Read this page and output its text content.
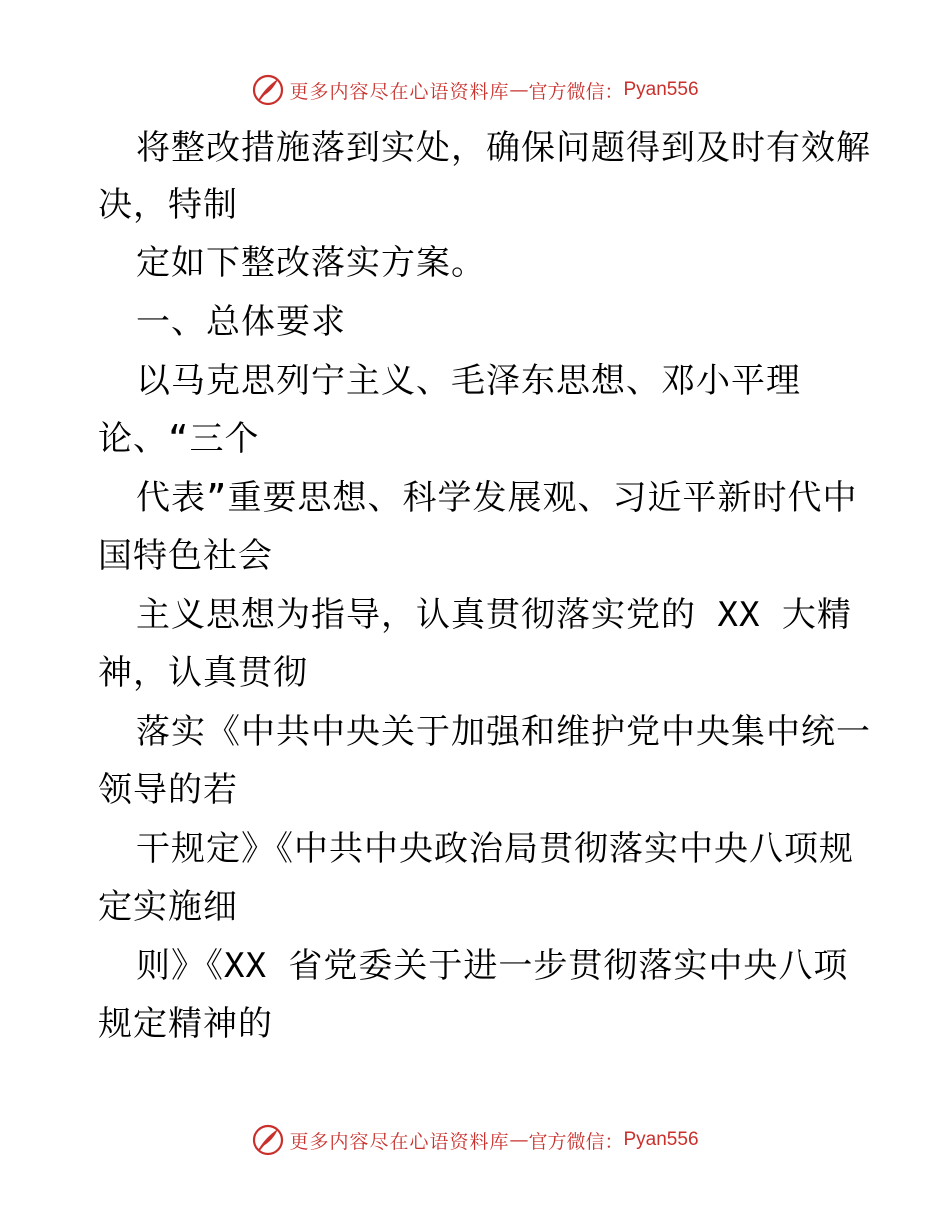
更多内容尽在心语资料库 — 官方微信： Pyan556
将整改措施落到实处，确保问题得到及时有效解
决，特制
定如下整改落实方案。
一、总体要求
以马克思列宁主义、毛泽东思想、邓小平理
论、“三个
代表”重要思想、科学发展观、习近平新时代中
国特色社会
主义思想为指导，认真贯彻落实党的 XX 大精
神，认真贯彻
落实《中共中央关于加强和维护党中央集中统一
领导的若
干规定》《中共中央政治局贯彻落实中央八项规
定实施细
则》《XX 省党委关于进一步贯彻落实中央八项
规定精神的
更多内容尽在心语资料库 — 官方微信： Pyan556
